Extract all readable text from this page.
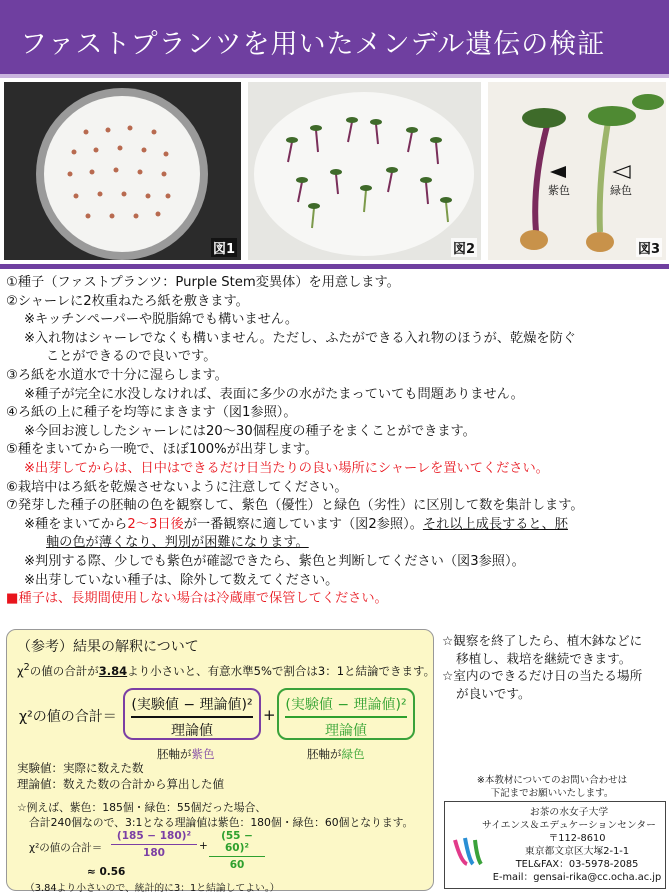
ファストプランツを用いたメンデル遺伝の検証
図1	図2
紫色	緑色
図3
①種子（ファストプランツ：Purple Stem変異体）を用意します。
②シャーレに2枚重ねたろ紙を敷きます。
※キッチンペーパーや脱脂綿でも構いません。
※入れ物はシャーレでなくも構いません。ただし、ふたができる入れ物のほうが、乾燥を防ぐ
ことができるので良いです。
③ろ紙を水道水で十分に湿らします。
※種子が完全に水没しなければ、表面に多少の水がたまっていても問題ありません。
④ろ紙の上に種子を均等にまきます（図1参照）。
※今回お渡ししたシャーレには20～30個程度の種子をまくことができます。
⑤種をまいてから一晩で、ほぼ100%が出芽します。
※出芽してからは、日中はできるだけ日当たりの良い場所にシャーレを置いてください。
⑥栽培中はろ紙を乾燥させないように注意してください。
⑦発芽した種子の胚軸の色を観察して、紫色（優性）と緑色（劣性）に区別して数を集計します。
※種をまいてから2～3日後が一番観察に適しています（図2参照）。それ以上成長すると、胚
軸の色が薄くなり、判別が困難になります。
※判別する際、少しでも紫色が確認できたら、紫色と判断してください（図3参照）。
※出芽していない種子は、除外して数えてください。
■種子は、長期間使用しない場合は冷蔵庫で保管してください。
（参考）結果の解釈について
$\chi^2$の値の合計が3.84より小さいと、有意水準5%で割合は3：1と結論できます。
χ²の値の合計＝
(実験値 − 理論値)²
理論値
+
(実験値 − 理論値)²
理論値
胚軸が紫色	胚軸が緑色
実験値：実際に数えた数
理論値：数えた数の合計から算出した値
☆例えば、紫色：185個・緑色：55個だった場合、
合計240個なので、3:1となる理論値は紫色：180個・緑色：60個となります。
χ²の値の合計＝
(185 − 180)²
180
+
(55 − 60)²
60
≈ 0.56
（3.84より小さいので、統計的に3：1と結論してよい。）
☆観察を終了したら、植木鉢などに
移植し、栽培を継続できます。
☆室内のできるだけ日の当たる場所
が良いです。
※本教材についてのお問い合わせは
下記までお願いいたします。
お茶の水女子大学
サイエンス＆エデュケーションセンター
〒112-8610
東京都文京区大塚2-1-1
TEL&FAX：03-5978-2085
E-mail：gensai-rika@cc.ocha.ac.jp
